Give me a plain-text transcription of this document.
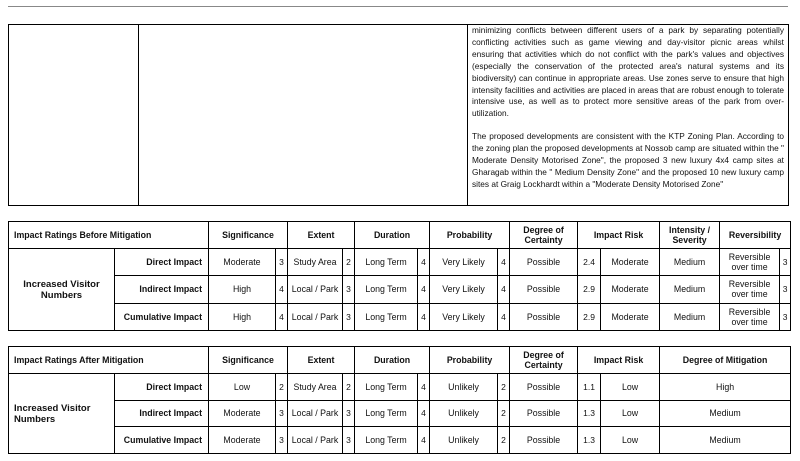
minimizing conflicts between different users of a park by separating potentially conflicting activities such as game viewing and day-visitor picnic areas whilst ensuring that activities which do not conflict with the park's values and objectives (especially the conservation of the protected area's natural systems and its biodiversity) can continue in appropriate areas. Use zones serve to ensure that high intensity facilities and activities are placed in areas that are robust enough to tolerate intensive use, as well as to protect more sensitive areas of the park from over-utilization.

The proposed developments are consistent with the KTP Zoning Plan. According to the zoning plan the proposed developments at Nossob camp are situated within the " Moderate Density Motorised Zone", the proposed 3 new luxury 4x4 camp sites at Gharagab within the " Medium Density Zone" and the proposed 10 new luxury camp sites at Graig Lockhardt within a "Moderate Density Motorised Zone"

Impact Ratings Before Mitigation		Significance		Extent		Duration		Probability		Degree of Certainty	Impact Risk		Intensity / Severity	Reversibility	
Increased Visitor Numbers	Direct Impact	Moderate	3	Study Area	2	Long Term	4	Very Likely	4	Possible	2.4	Moderate	Medium	Reversible over time	3
	Indirect Impact	High	4	Local / Park	3	Long Term	4	Very Likely	4	Possible	2.9	Moderate	Medium	Reversible over time	3
	Cumulative Impact	High	4	Local / Park	3	Long Term	4	Very Likely	4	Possible	2.9	Moderate	Medium	Reversible over time	3
Impact Ratings After Mitigation		Significance		Extent		Duration		Probability		Degree of Certainty	Impact Risk		Degree of Mitigation
Increased Visitor Numbers	Direct Impact	Low	2	Study Area	2	Long Term	4	Unlikely	2	Possible	1.1	Low	High
	Indirect Impact	Moderate	3	Local / Park	3	Long Term	4	Unlikely	2	Possible	1.3	Low	Medium
	Cumulative Impact	Moderate	3	Local / Park	3	Long Term	4	Unlikely	2	Possible	1.3	Low	Medium
